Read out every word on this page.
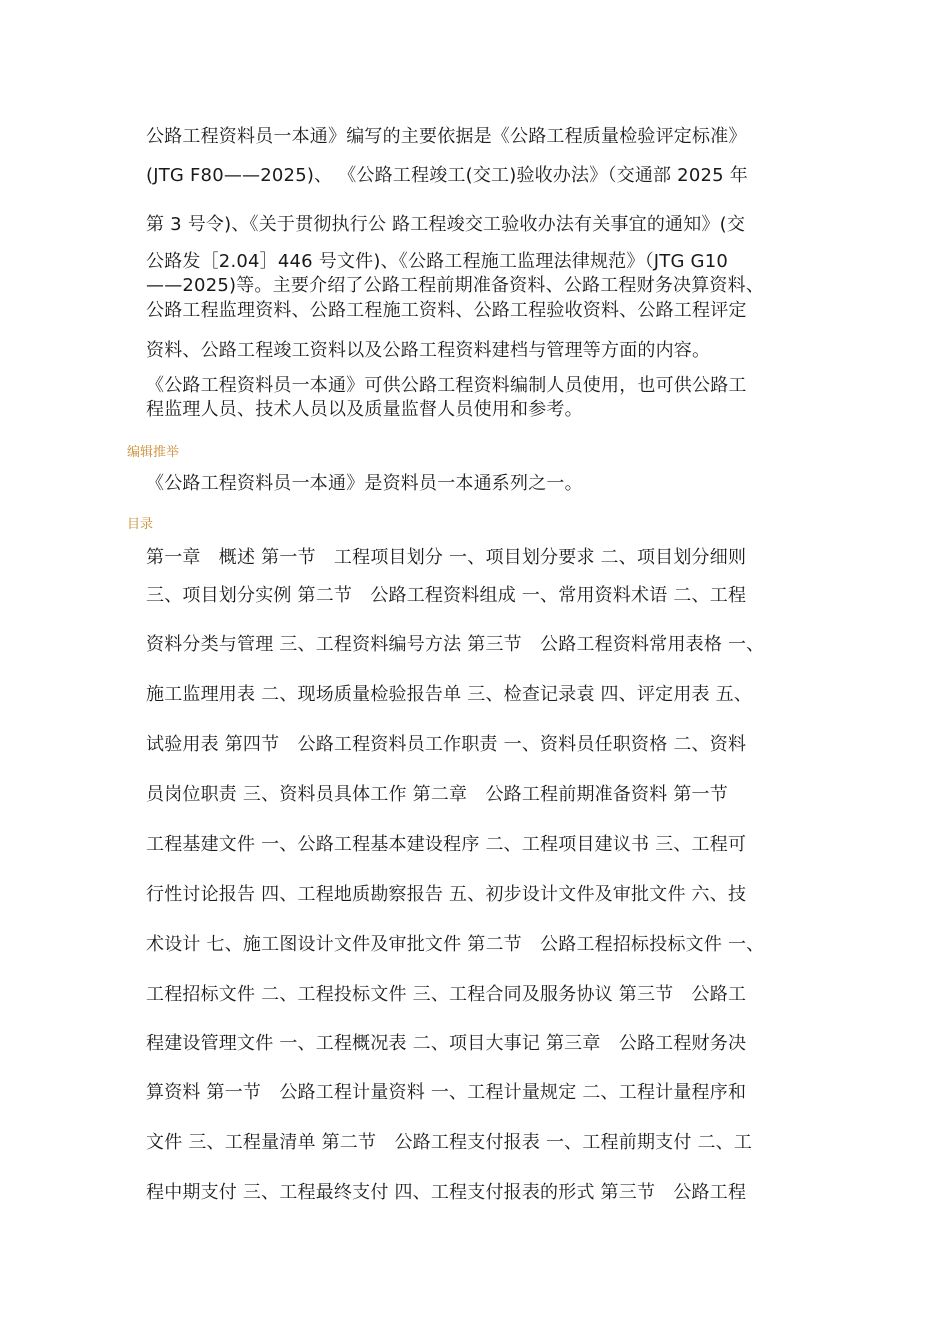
公路工程资料员一本通》编写的主要依据是《公路工程质量检验评定标准》
(JTG F80——2025)、 《公路工程竣工(交工)验收办法》（交通部 2025 年
第 3 号令)、《关于贯彻执行公 路工程竣交工验收办法有关事宜的通知》(交
公路发［2.04］446 号文件)、《公路工程施工监理法律规范》（JTG G10
——2025)等。主要介绍了公路工程前期准备资料、公路工程财务决算资料、
公路工程监理资料、公路工程施工资料、公路工程验收资料、公路工程评定
资料、公路工程竣工资料以及公路工程资料建档与管理等方面的内容。
《公路工程资料员一本通》可供公路工程资料编制人员使用，也可供公路工
程监理人员、技术人员以及质量监督人员使用和参考。
编辑推举
《公路工程资料员一本通》是资料员一本通系列之一。
目录
第一章　概述 第一节　工程项目划分 一、项目划分要求 二、项目划分细则
三、项目划分实例 第二节　公路工程资料组成 一、常用资料术语 二、工程
资料分类与管理 三、工程资料编号方法 第三节　公路工程资料常用表格 一、
施工监理用表 二、现场质量检验报告单 三、检查记录袁 四、评定用表 五、
试验用表 第四节　公路工程资料员工作职责 一、资料员任职资格 二、资料
员岗位职责 三、资料员具体工作 第二章　公路工程前期准备资料 第一节
工程基建文件 一、公路工程基本建设程序 二、工程项目建议书 三、工程可
行性讨论报告 四、工程地质勘察报告 五、初步设计文件及审批文件 六、技
术设计 七、施工图设计文件及审批文件 第二节　公路工程招标投标文件 一、
工程招标文件 二、工程投标文件 三、工程合同及服务协议 第三节　公路工
程建设管理文件 一、工程概况表 二、项目大事记 第三章　公路工程财务决
算资料 第一节　公路工程计量资料 一、工程计量规定 二、工程计量程序和
文件 三、工程量清单 第二节　公路工程支付报表 一、工程前期支付 二、工
程中期支付 三、工程最终支付 四、工程支付报表的形式 第三节　公路工程
